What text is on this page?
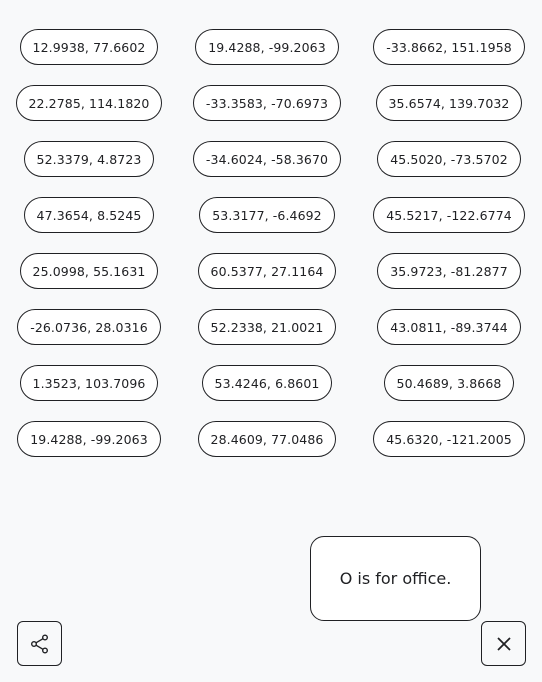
12.9938, 77.6602	19.4288, -99.2063	-33.8662, 151.1958
22.2785, 114.1820	-33.3583, -70.6973	35.6574, 139.7032
52.3379, 4.8723	-34.6024, -58.3670	45.5020, -73.5702
47.3654, 8.5245	53.3177, -6.4692	45.5217, -122.6774
25.0998, 55.1631	60.5377, 27.1164	35.9723, -81.2877
-26.0736, 28.0316	52.2338, 21.0021	43.0811, -89.3744
1.3523, 103.7096	53.4246, 6.8601	50.4689, 3.8668
19.4288, -99.2063	28.4609, 77.0486	45.6320, -121.2005
O is for office.
